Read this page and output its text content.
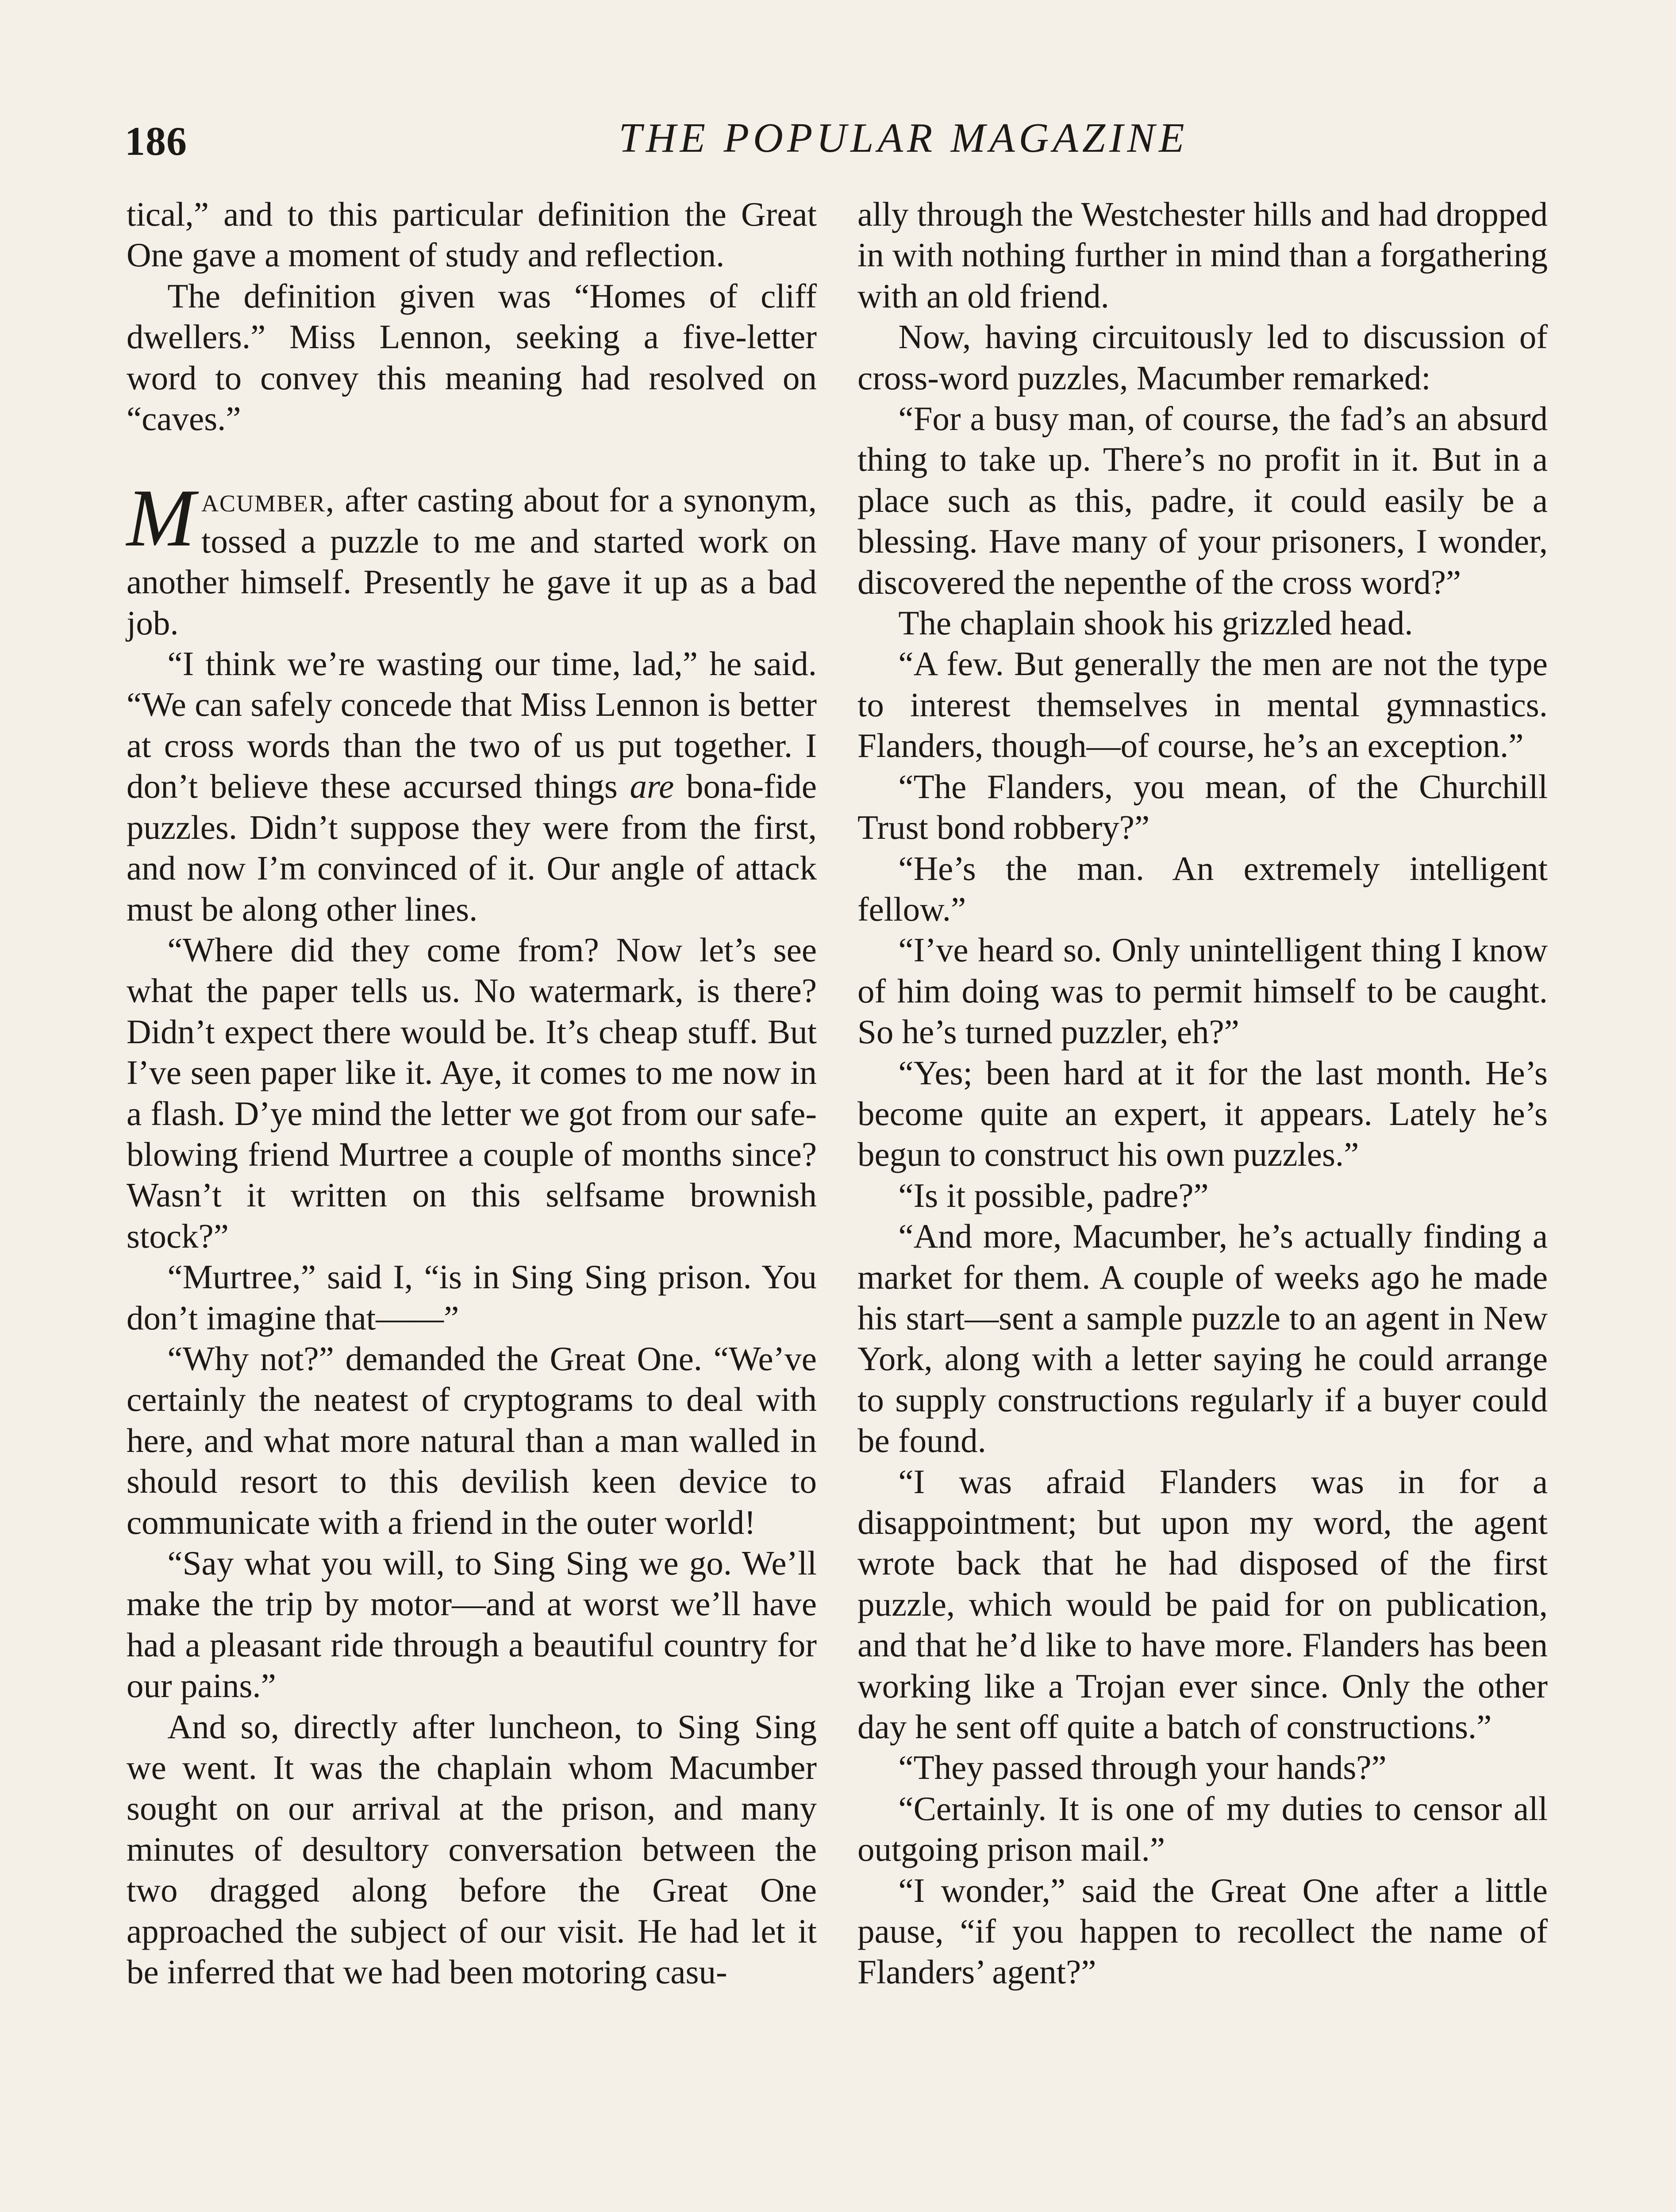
186	THE POPULAR MAGAZINE

tical,” and to this particular definition the Great One gave a moment of study and reflection.

The definition given was “Homes of cliff dwellers.” Miss Lennon, seeking a five-letter word to convey this meaning had resolved on “caves.”

Macumber, after casting about for a synonym, tossed a puzzle to me and started work on another himself. Presently he gave it up as a bad job.

“I think we’re wasting our time, lad,” he said. “We can safely concede that Miss Lennon is better at cross words than the two of us put together. I don’t believe these accursed things are bona-fide puzzles. Didn’t suppose they were from the first, and now I’m convinced of it. Our angle of attack must be along other lines.

“Where did they come from? Now let’s see what the paper tells us. No watermark, is there? Didn’t expect there would be. It’s cheap stuff. But I’ve seen paper like it. Aye, it comes to me now in a flash. D’ye mind the letter we got from our safe-blowing friend Murtree a couple of months since? Wasn’t it written on this selfsame brownish stock?”

“Murtree,” said I, “is in Sing Sing prison. You don’t imagine that——”

“Why not?” demanded the Great One. “We’ve certainly the neatest of cryptograms to deal with here, and what more natural than a man walled in should resort to this devilish keen device to communicate with a friend in the outer world!

“Say what you will, to Sing Sing we go. We’ll make the trip by motor—and at worst we’ll have had a pleasant ride through a beautiful country for our pains.”

And so, directly after luncheon, to Sing Sing we went. It was the chaplain whom Macumber sought on our arrival at the prison, and many minutes of desultory conversation between the two dragged along before the Great One approached the subject of our visit. He had let it be inferred that we had been motoring casu-

ally through the Westchester hills and had dropped in with nothing further in mind than a forgathering with an old friend.

Now, having circuitously led to discussion of cross-word puzzles, Macumber remarked:

“For a busy man, of course, the fad’s an absurd thing to take up. There’s no profit in it. But in a place such as this, padre, it could easily be a blessing. Have many of your prisoners, I wonder, discovered the nepenthe of the cross word?”

The chaplain shook his grizzled head.

“A few. But generally the men are not the type to interest themselves in mental gymnastics. Flanders, though—of course, he’s an exception.”

“The Flanders, you mean, of the Churchill Trust bond robbery?”

“He’s the man. An extremely intelligent fellow.”

“I’ve heard so. Only unintelligent thing I know of him doing was to permit himself to be caught. So he’s turned puzzler, eh?”

“Yes; been hard at it for the last month. He’s become quite an expert, it appears. Lately he’s begun to construct his own puzzles.”

“Is it possible, padre?”

“And more, Macumber, he’s actually finding a market for them. A couple of weeks ago he made his start—sent a sample puzzle to an agent in New York, along with a letter saying he could arrange to supply constructions regularly if a buyer could be found.

“I was afraid Flanders was in for a disappointment; but upon my word, the agent wrote back that he had disposed of the first puzzle, which would be paid for on publication, and that he’d like to have more. Flanders has been working like a Trojan ever since. Only the other day he sent off quite a batch of constructions.”

“They passed through your hands?”

“Certainly. It is one of my duties to censor all outgoing prison mail.”

“I wonder,” said the Great One after a little pause, “if you happen to recollect the name of Flanders’ agent?”
